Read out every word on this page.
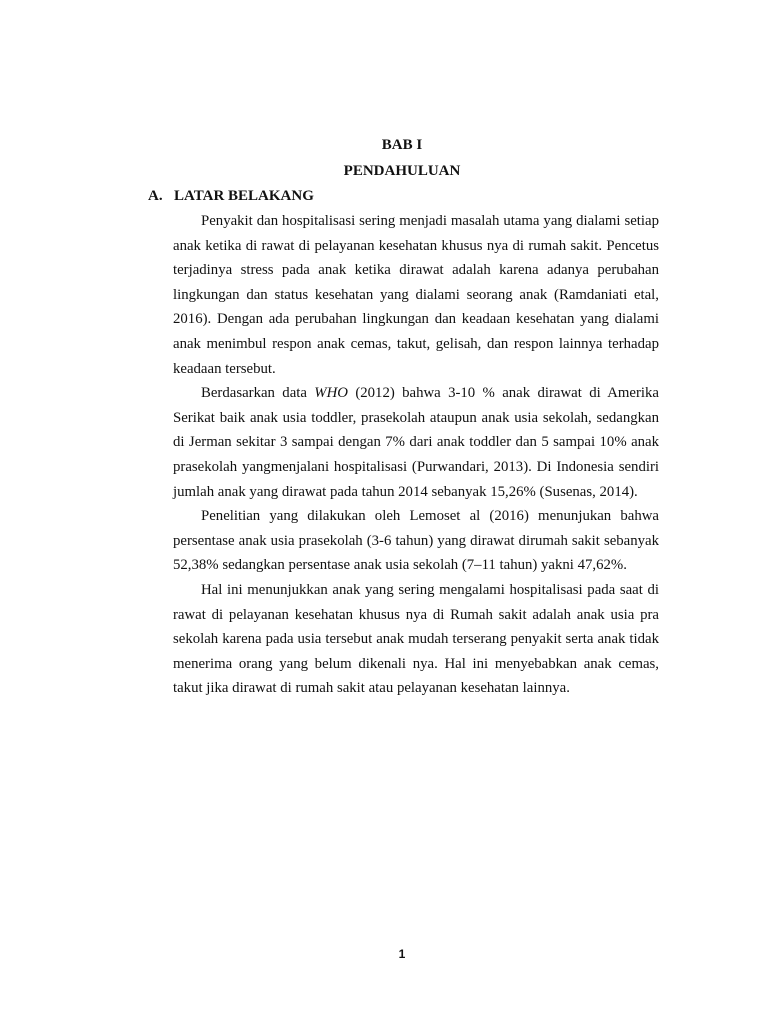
BAB I
PENDAHULUAN
A. LATAR BELAKANG

Penyakit dan hospitalisasi sering menjadi masalah utama yang dialami setiap anak ketika di rawat di pelayanan kesehatan khusus nya di rumah sakit. Pencetus terjadinya stress pada anak ketika dirawat adalah karena adanya perubahan lingkungan dan status kesehatan yang dialami seorang anak (Ramdaniati etal, 2016). Dengan ada perubahan lingkungan dan keadaan kesehatan yang dialami anak menimbul respon anak cemas, takut, gelisah, dan respon lainnya terhadap keadaan tersebut.

Berdasarkan data WHO (2012) bahwa 3-10 % anak dirawat di Amerika Serikat baik anak usia toddler, prasekolah ataupun anak usia sekolah, sedangkan di Jerman sekitar 3 sampai dengan 7% dari anak toddler dan 5 sampai 10% anak prasekolah yangmenjalani hospitalisasi (Purwandari, 2013). Di Indonesia sendiri jumlah anak yang dirawat pada tahun 2014 sebanyak 15,26% (Susenas, 2014).

Penelitian yang dilakukan oleh Lemoset al (2016) menunjukan bahwa persentase anak usia prasekolah (3-6 tahun) yang dirawat dirumah sakit sebanyak 52,38% sedangkan persentase anak usia sekolah (7–11 tahun) yakni 47,62%.

Hal ini menunjukkan anak yang sering mengalami hospitalisasi pada saat di rawat di pelayanan kesehatan khusus nya di Rumah sakit adalah anak usia pra sekolah karena pada usia tersebut anak mudah terserang penyakit serta anak tidak menerima orang yang belum dikenali nya. Hal ini menyebabkan anak cemas, takut jika dirawat di rumah sakit atau pelayanan kesehatan lainnya.

1
